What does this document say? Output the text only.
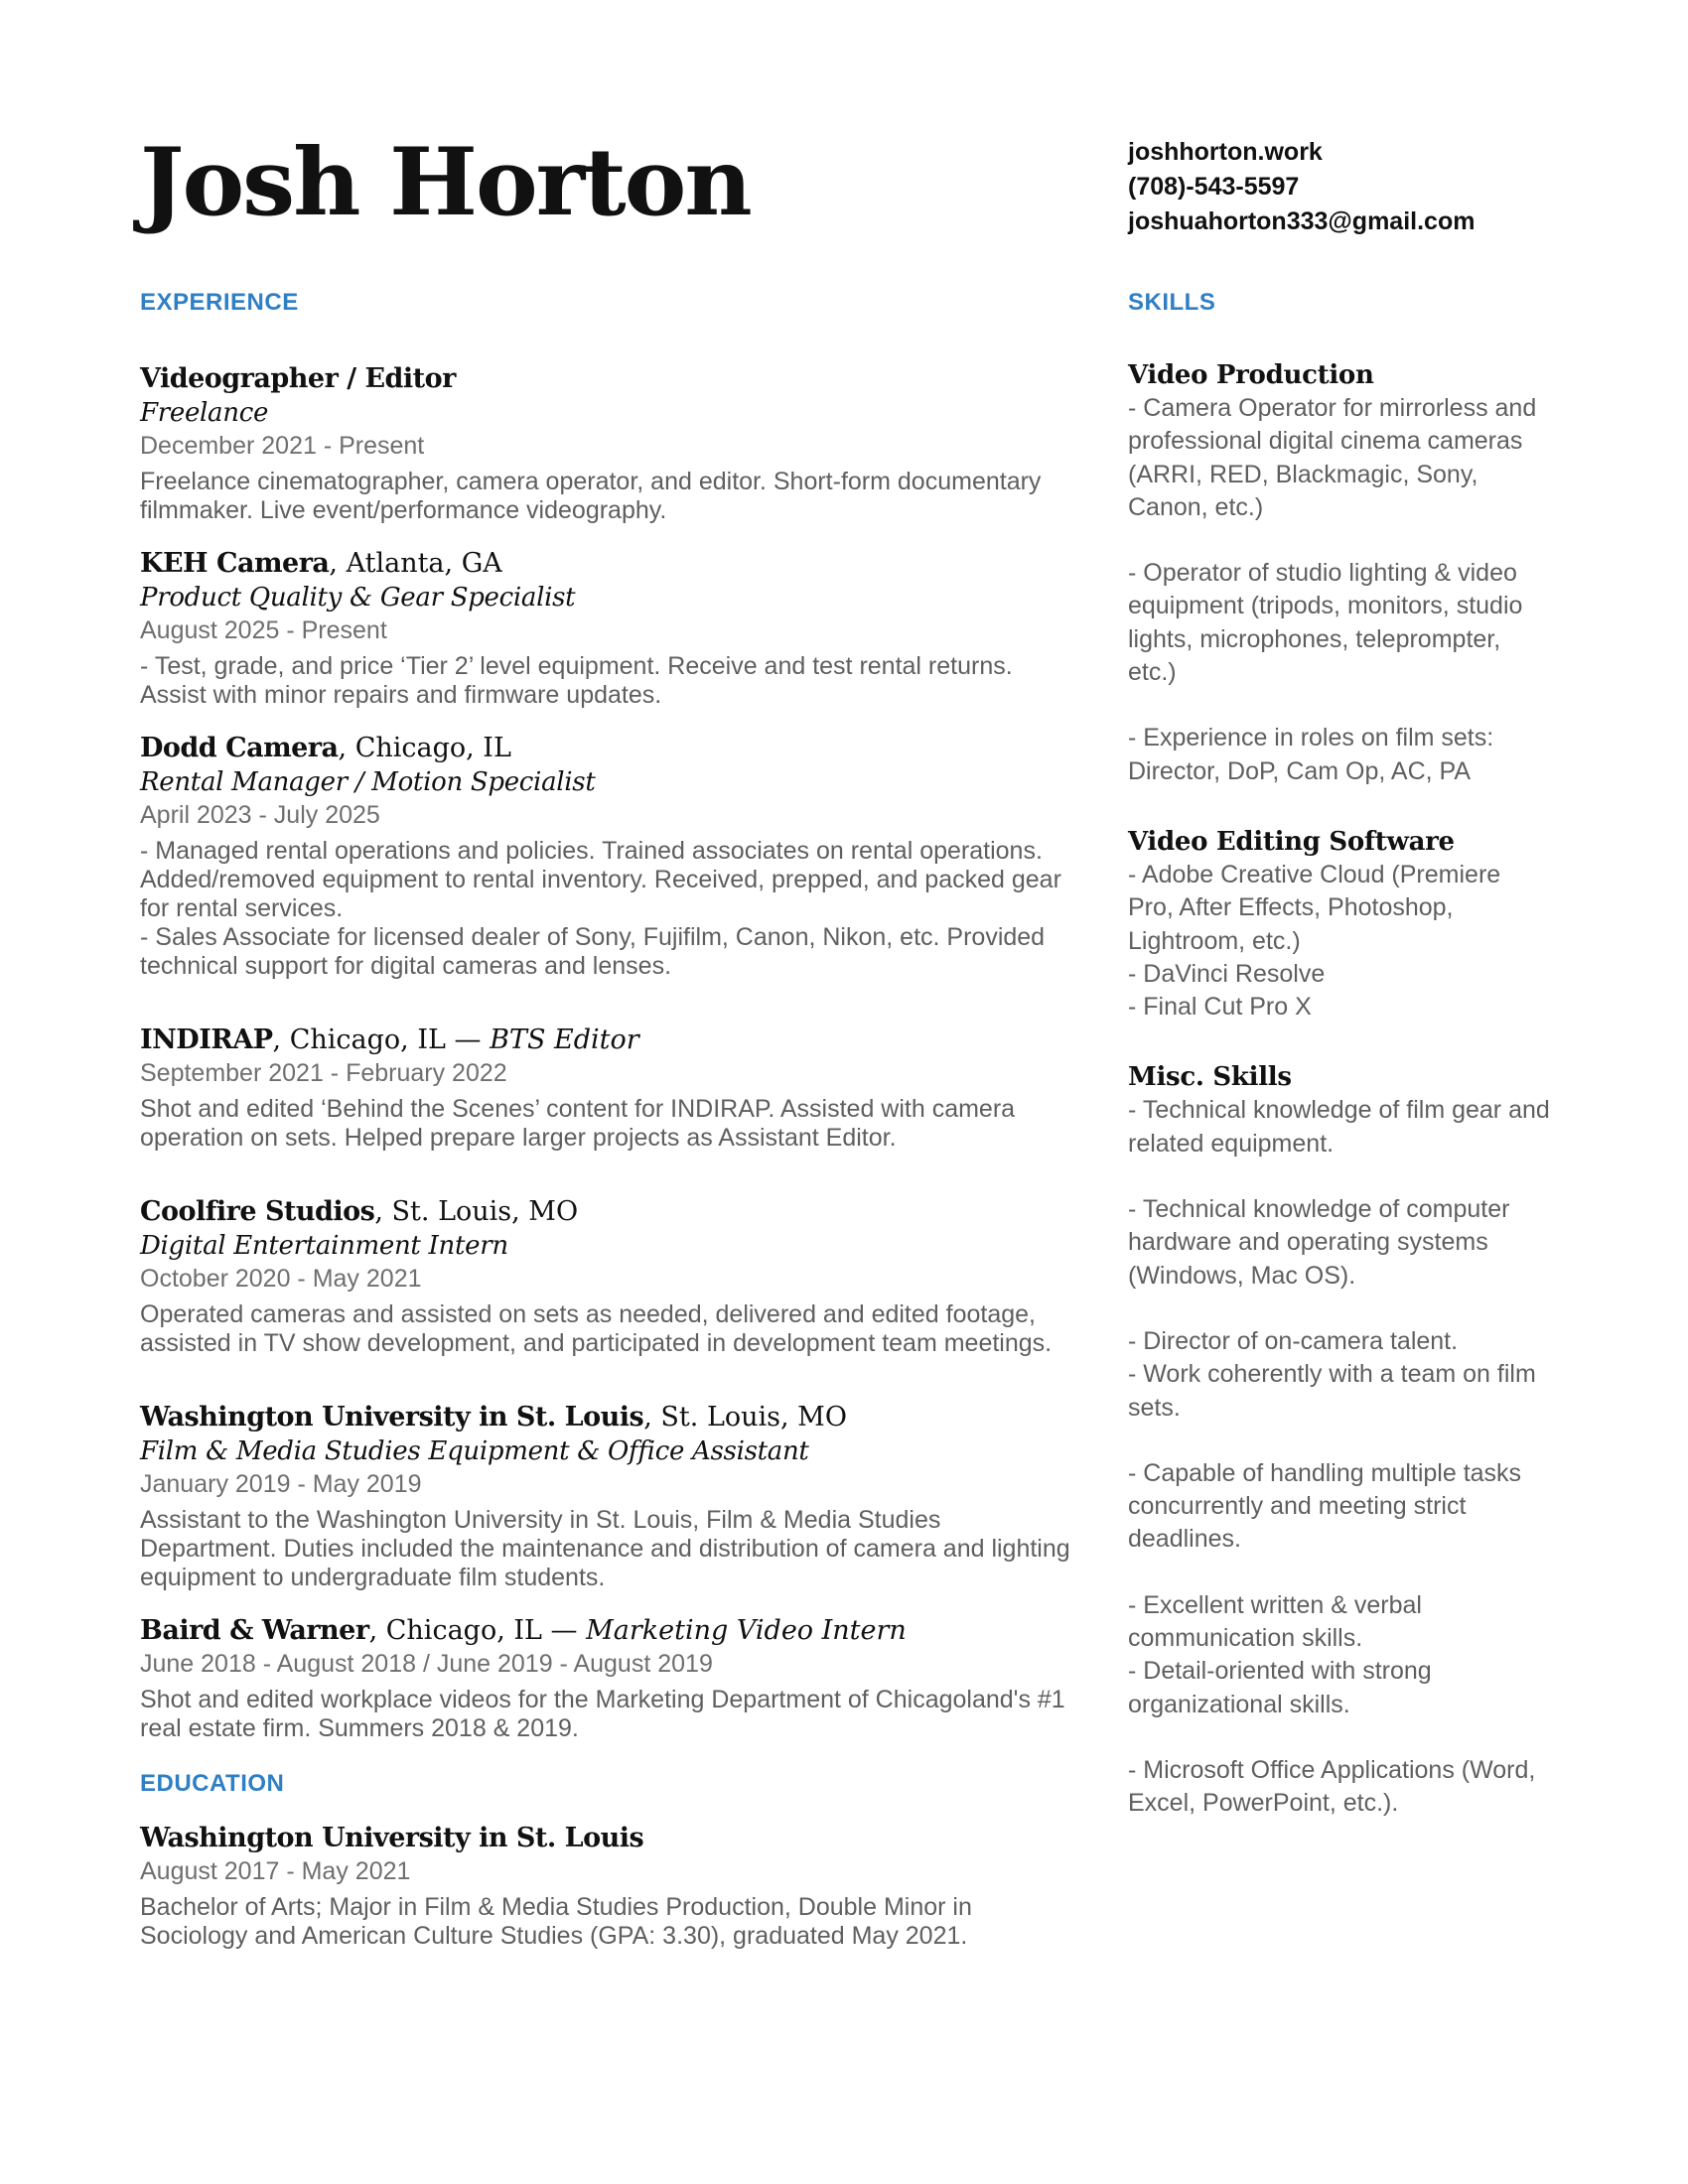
Josh Horton	joshhorton.work
(708)-543-5597
joshuahorton333@gmail.com
EXPERIENCE
Videographer / Editor
Freelance
December 2021 - Present

Freelance cinematographer, camera operator, and editor. Short-form documentary filmmaker. Live event/performance videography.

KEH Camera, Atlanta, GA
Product Quality & Gear Specialist
August 2025 - Present

- Test, grade, and price ‘Tier 2’ level equipment. Receive and test rental returns. Assist with minor repairs and firmware updates.

Dodd Camera, Chicago, IL
Rental Manager / Motion Specialist
April 2023 - July 2025

- Managed rental operations and policies. Trained associates on rental operations. Added/removed equipment to rental inventory. Received, prepped, and packed gear for rental services.

- Sales Associate for licensed dealer of Sony, Fujifilm, Canon, Nikon, etc. Provided technical support for digital cameras and lenses.

INDIRAP, Chicago, IL — BTS Editor
September 2021 - February 2022

Shot and edited ‘Behind the Scenes’ content for INDIRAP. Assisted with camera operation on sets. Helped prepare larger projects as Assistant Editor.

Coolfire Studios, St. Louis, MO
Digital Entertainment Intern
October 2020 - May 2021

Operated cameras and assisted on sets as needed, delivered and edited footage, assisted in TV show development, and participated in development team meetings.

Washington University in St. Louis, St. Louis, MO
Film & Media Studies Equipment & Office Assistant
January 2019 - May 2019

Assistant to the Washington University in St. Louis, Film & Media Studies Department. Duties included the maintenance and distribution of camera and lighting equipment to undergraduate film students.

Baird & Warner, Chicago, IL — Marketing Video Intern
June 2018 - August 2018 / June 2019 - August 2019

Shot and edited workplace videos for the Marketing Department of Chicagoland's #1 real estate firm. Summers 2018 & 2019.

EDUCATION
Washington University in St. Louis
August 2017 - May 2021

Bachelor of Arts; Major in Film & Media Studies Production, Double Minor in Sociology and American Culture Studies (GPA: 3.30), graduated May 2021.

SKILLS
Video Production

- Camera Operator for mirrorless and professional digital cinema cameras (ARRI, RED, Blackmagic, Sony, Canon, etc.)

- Operator of studio lighting & video equipment (tripods, monitors, studio lights, microphones, teleprompter, etc.)

- Experience in roles on film sets: Director, DoP, Cam Op, AC, PA

Video Editing Software

- Adobe Creative Cloud (Premiere Pro, After Effects, Photoshop, Lightroom, etc.)

- DaVinci Resolve

- Final Cut Pro X

Misc. Skills

- Technical knowledge of film gear and related equipment.

- Technical knowledge of computer hardware and operating systems (Windows, Mac OS).

- Director of on-camera talent.

- Work coherently with a team on film sets.

- Capable of handling multiple tasks concurrently and meeting strict deadlines.

- Excellent written & verbal communication skills.

- Detail-oriented with strong organizational skills.

- Microsoft Office Applications (Word, Excel, PowerPoint, etc.).
